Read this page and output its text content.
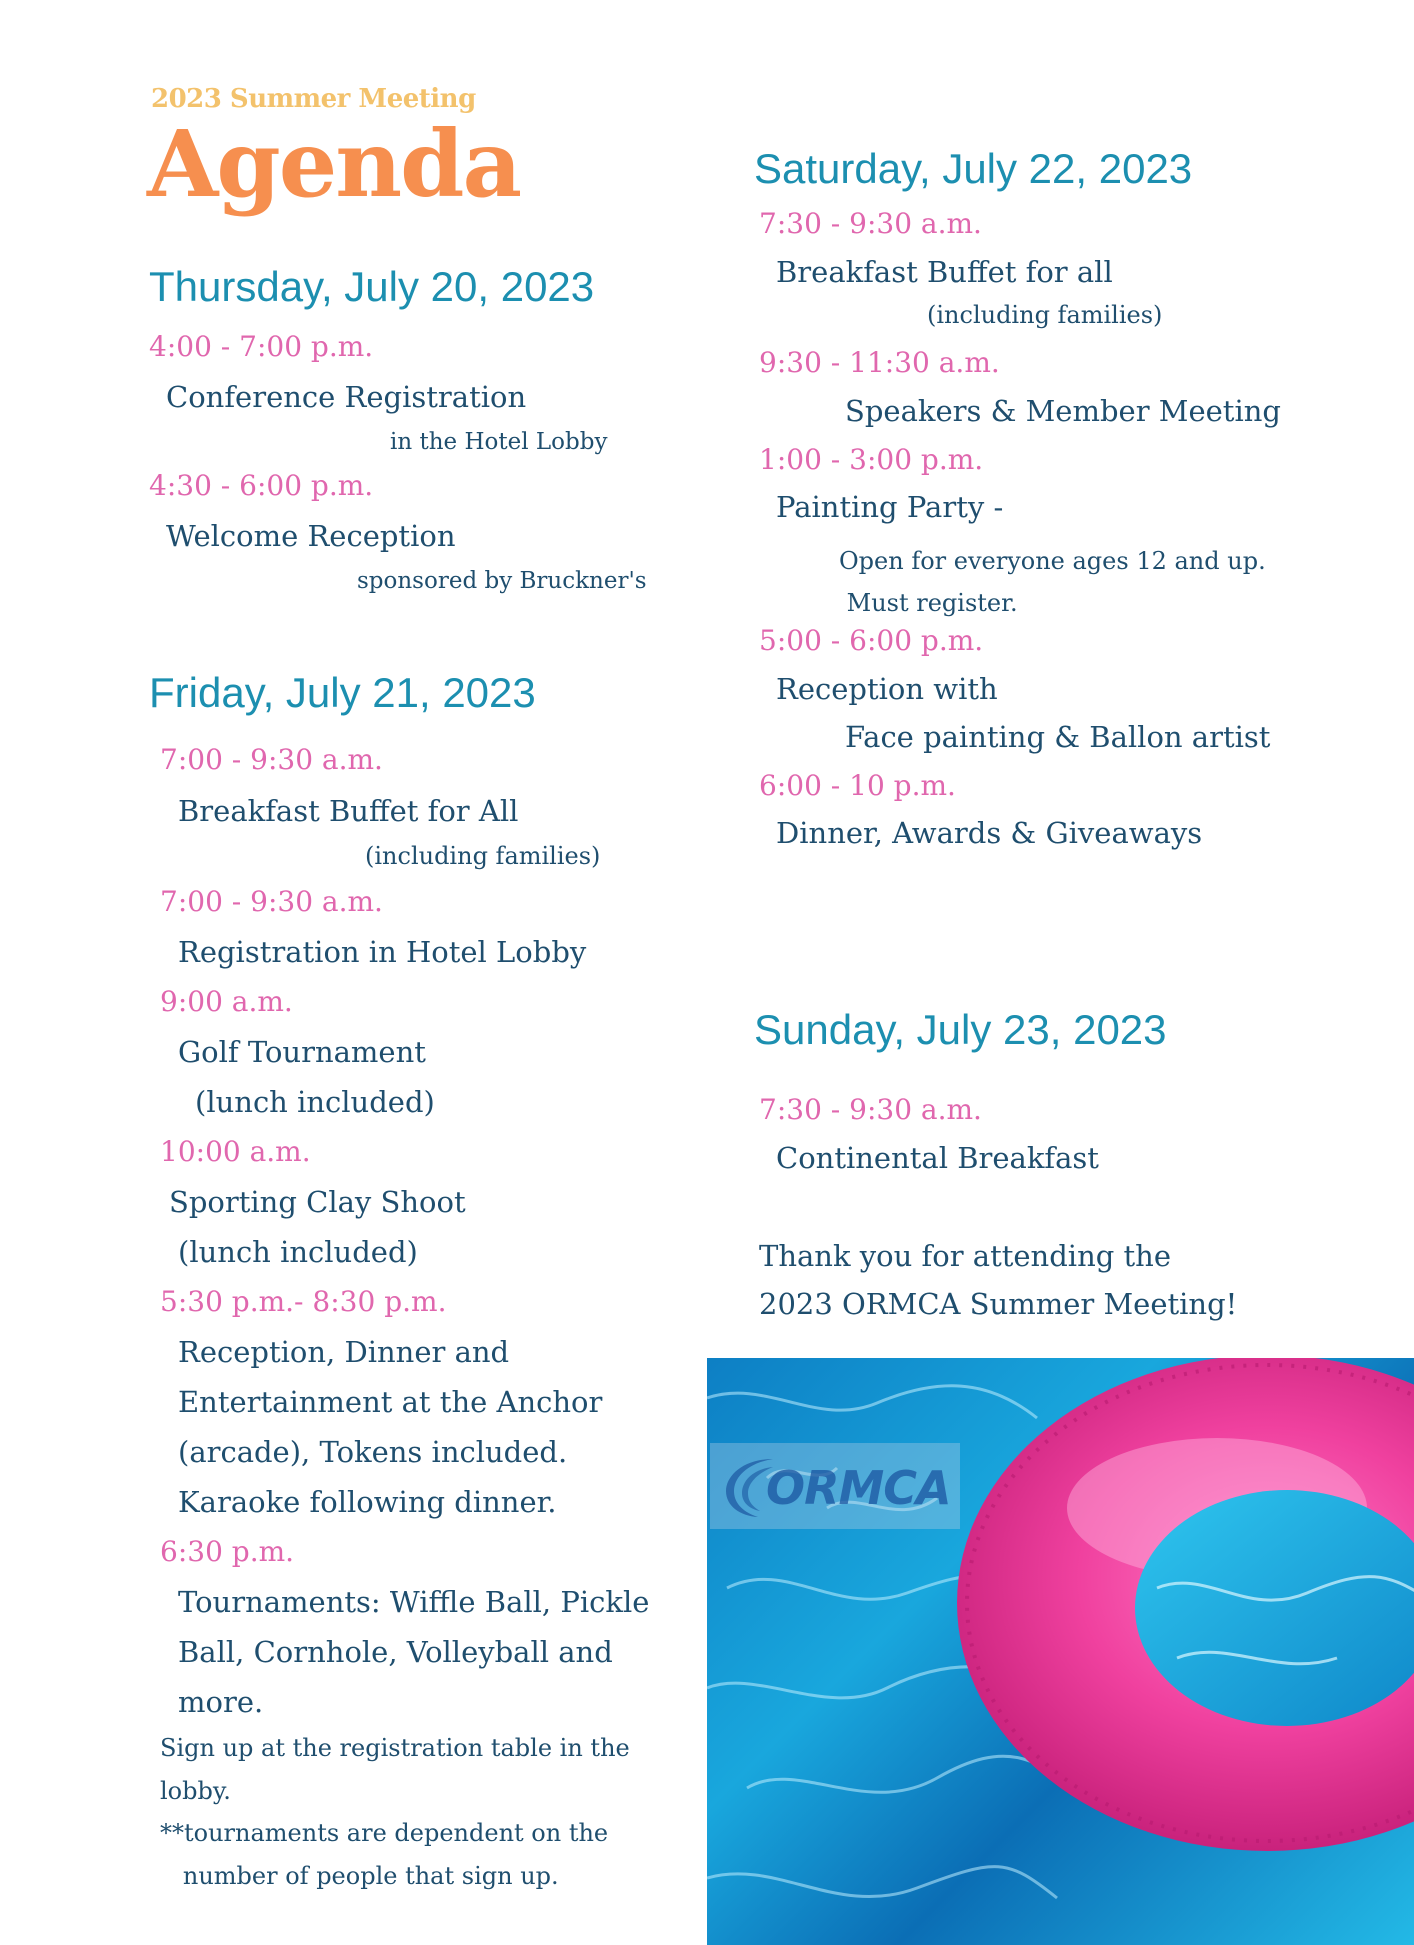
2023 Summer Meeting
Agenda
Thursday, July 20, 2023
4:00 - 7:00 p.m.
Conference Registration
in the Hotel Lobby
4:30 - 6:00 p.m.
Welcome Reception
sponsored by Bruckner's
Friday, July 21, 2023
7:00 - 9:30 a.m.
Breakfast Buffet for All
(including families)
7:00 - 9:30 a.m.
Registration in Hotel Lobby
9:00 a.m.
Golf Tournament
(lunch included)
10:00 a.m.
Sporting Clay Shoot
(lunch included)
5:30 p.m.- 8:30 p.m.
Reception, Dinner and
Entertainment at the Anchor
(arcade), Tokens included.
Karaoke following dinner.
6:30 p.m.
Tournaments: Wiffle Ball, Pickle
Ball, Cornhole, Volleyball and
more.
Sign up at the registration table in the
lobby.
**tournaments are dependent on the
number of people that sign up.
Saturday, July 22, 2023
7:30 - 9:30 a.m.
Breakfast Buffet for all
(including families)
9:30 - 11:30 a.m.
Speakers & Member Meeting
1:00 - 3:00 p.m.
Painting Party -
Open for everyone ages 12 and up.
Must register.
5:00 - 6:00 p.m.
Reception with
Face painting & Ballon artist
6:00 - 10 p.m.
Dinner, Awards & Giveaways
Sunday, July 23, 2023
7:30 - 9:30 a.m.
Continental Breakfast
Thank you for attending the
2023 ORMCA Summer Meeting!
ORMCA
